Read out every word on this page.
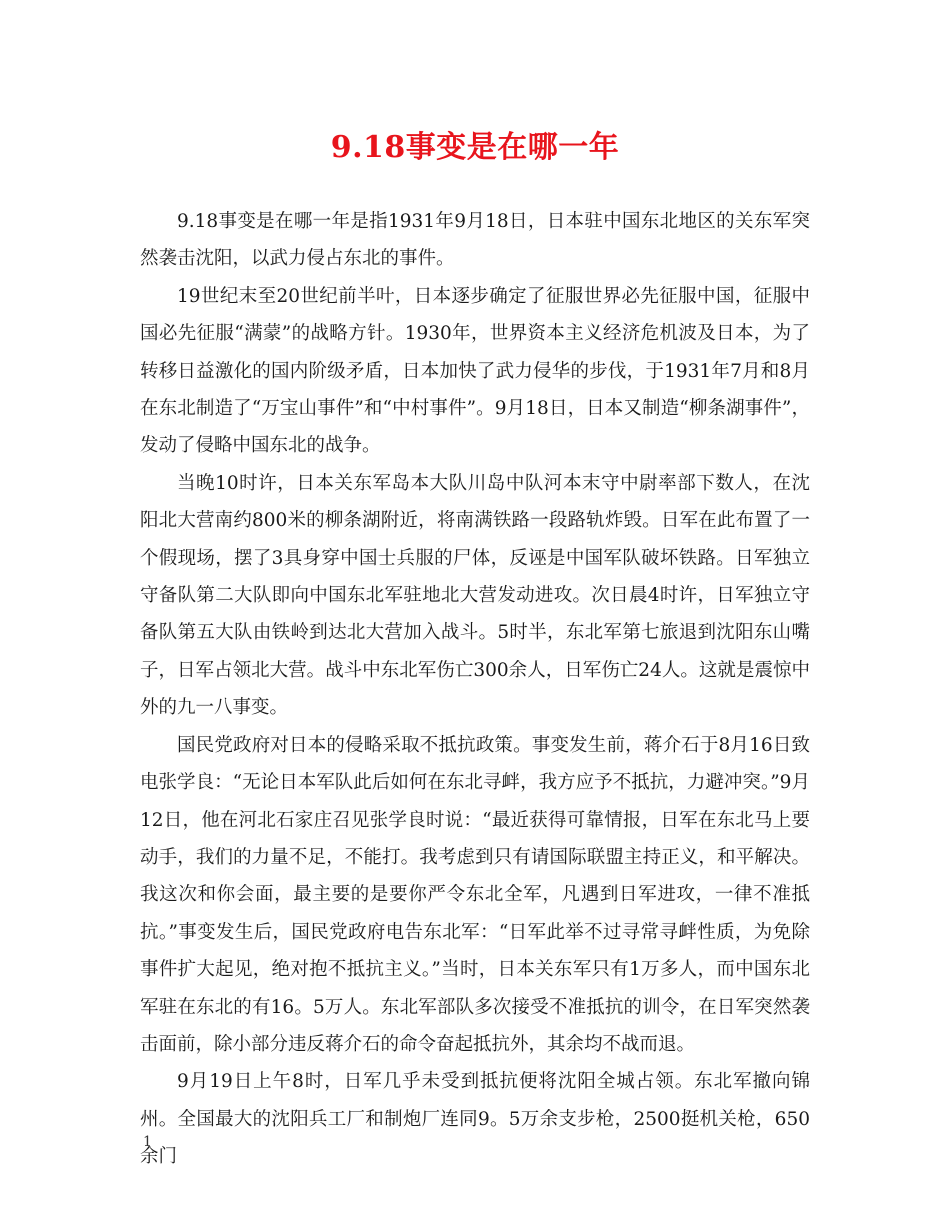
9.18事变是在哪一年

9.18事变是在哪一年是指1931年9月18日，日本驻中国东北地区的关东军突然袭击沈阳，以武力侵占东北的事件。

19世纪末至20世纪前半叶，日本逐步确定了征服世界必先征服中国，征服中国必先征服“满蒙”的战略方针。1930年，世界资本主义经济危机波及日本，为了转移日益激化的国内阶级矛盾，日本加快了武力侵华的步伐，于1931年7月和8月在东北制造了“万宝山事件”和“中村事件”。9月18日，日本又制造“柳条湖事件”，发动了侵略中国东北的战争。

当晚10时许，日本关东军岛本大队川岛中队河本末守中尉率部下数人，在沈阳北大营南约800米的柳条湖附近，将南满铁路一段路轨炸毁。日军在此布置了一个假现场，摆了3具身穿中国士兵服的尸体，反诬是中国军队破坏铁路。日军独立守备队第二大队即向中国东北军驻地北大营发动进攻。次日晨4时许，日军独立守备队第五大队由铁岭到达北大营加入战斗。5时半，东北军第七旅退到沈阳东山嘴子，日军占领北大营。战斗中东北军伤亡300余人，日军伤亡24人。这就是震惊中外的九一八事变。

国民党政府对日本的侵略采取不抵抗政策。事变发生前，蒋介石于8月16日致电张学良：“无论日本军队此后如何在东北寻衅，我方应予不抵抗，力避冲突。”9月12日，他在河北石家庄召见张学良时说：“最近获得可靠情报，日军在东北马上要动手，我们的力量不足，不能打。我考虑到只有请国际联盟主持正义，和平解决。我这次和你会面，最主要的是要你严令东北全军，凡遇到日军进攻，一律不准抵抗。”事变发生后，国民党政府电告东北军：“日军此举不过寻常寻衅性质，为免除事件扩大起见，绝对抱不抵抗主义。”当时，日本关东军只有1万多人，而中国东北军驻在东北的有16。5万人。东北军部队多次接受不准抵抗的训令，在日军突然袭击面前，除小部分违反蒋介石的命令奋起抵抗外，其余均不战而退。

9月19日上午8时，日军几乎未受到抵抗便将沈阳全城占领。东北军撤向锦州。全国最大的沈阳兵工厂和制炮厂连同9。5万余支步枪，2500挺机关枪，650余门

1
